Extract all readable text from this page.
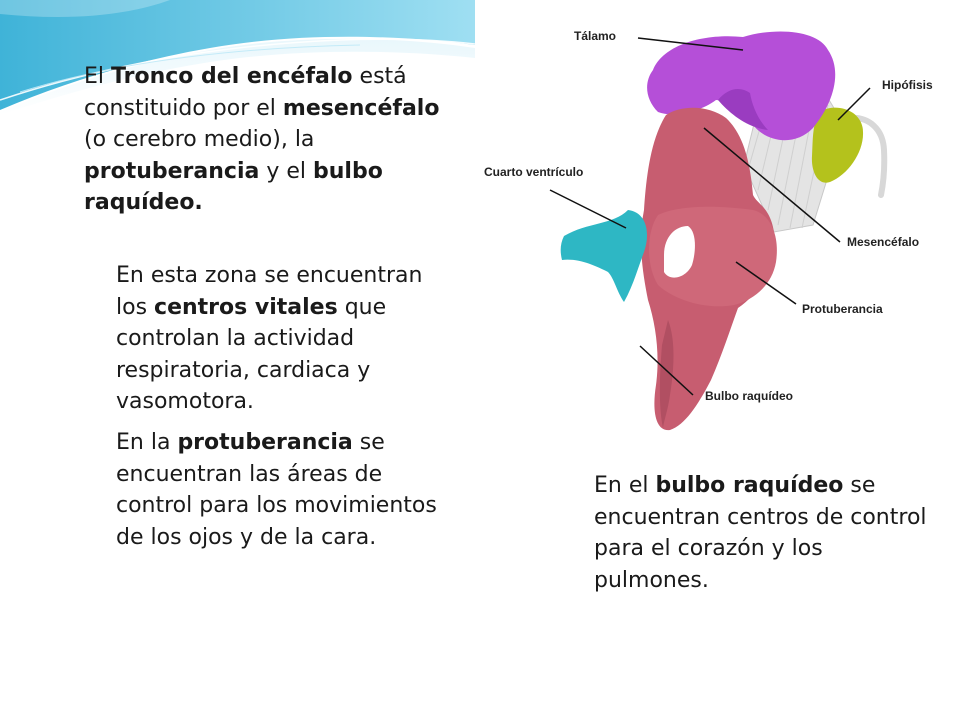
El Tronco del encéfalo está constituido por el mesencéfalo (o cerebro medio), la protuberancia y el bulbo raquídeo.
En esta zona se encuentran los centros vitales que controlan la actividad respiratoria, cardiaca y vasomotora.
En la protuberancia se encuentran las áreas de control para los movimientos de los ojos y de la cara.
En el bulbo raquídeo se encuentran centros de control para el corazón y los pulmones.
Tálamo
Hipófisis
Cuarto ventrículo
Mesencéfalo
Protuberancia
Bulbo raquídeo
